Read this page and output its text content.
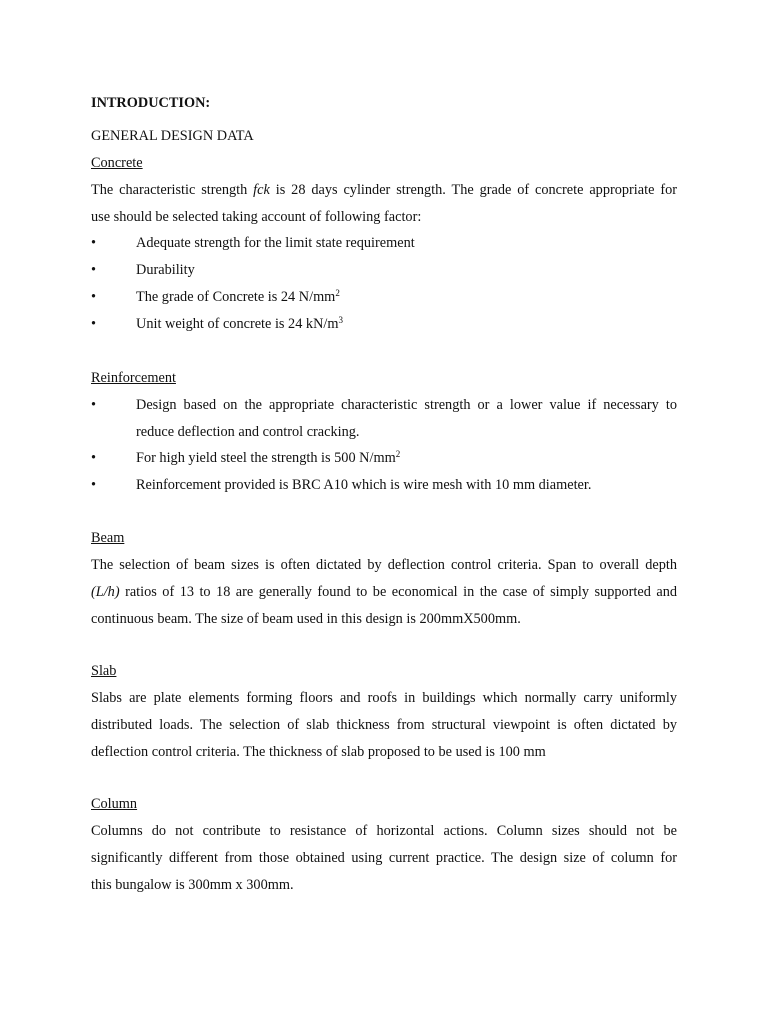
INTRODUCTION:
GENERAL DESIGN DATA
Concrete
The characteristic strength fck is 28 days cylinder strength. The grade of concrete appropriate for
use should be selected taking account of following factor:
•	Adequate strength for the limit state requirement
•	Durability
•	The grade of Concrete is 24 $N/mm^2$
•	Unit weight of concrete is 24 $kN/m^3$
Reinforcement
•	Design based on the appropriate characteristic strength or a lower value if necessary to
reduce deflection and control cracking.
•	For high yield steel the strength is 500 $N/mm^2$
•	Reinforcement provided is BRC A10 which is wire mesh with 10 mm diameter.
Beam
The selection of beam sizes is often dictated by deflection control criteria. Span to overall depth
(L/h) ratios of 13 to 18 are generally found to be economical in the case of simply supported and
continuous beam. The size of beam used in this design is 200mmX500mm.
Slab
Slabs are plate elements forming floors and roofs in buildings which normally carry uniformly
distributed loads. The selection of slab thickness from structural viewpoint is often dictated by
deflection control criteria. The thickness of slab proposed to be used is 100 mm
Column
Columns do not contribute to resistance of horizontal actions. Column sizes should not be
significantly different from those obtained using current practice. The design size of column for
this bungalow is 300mm x 300mm.
